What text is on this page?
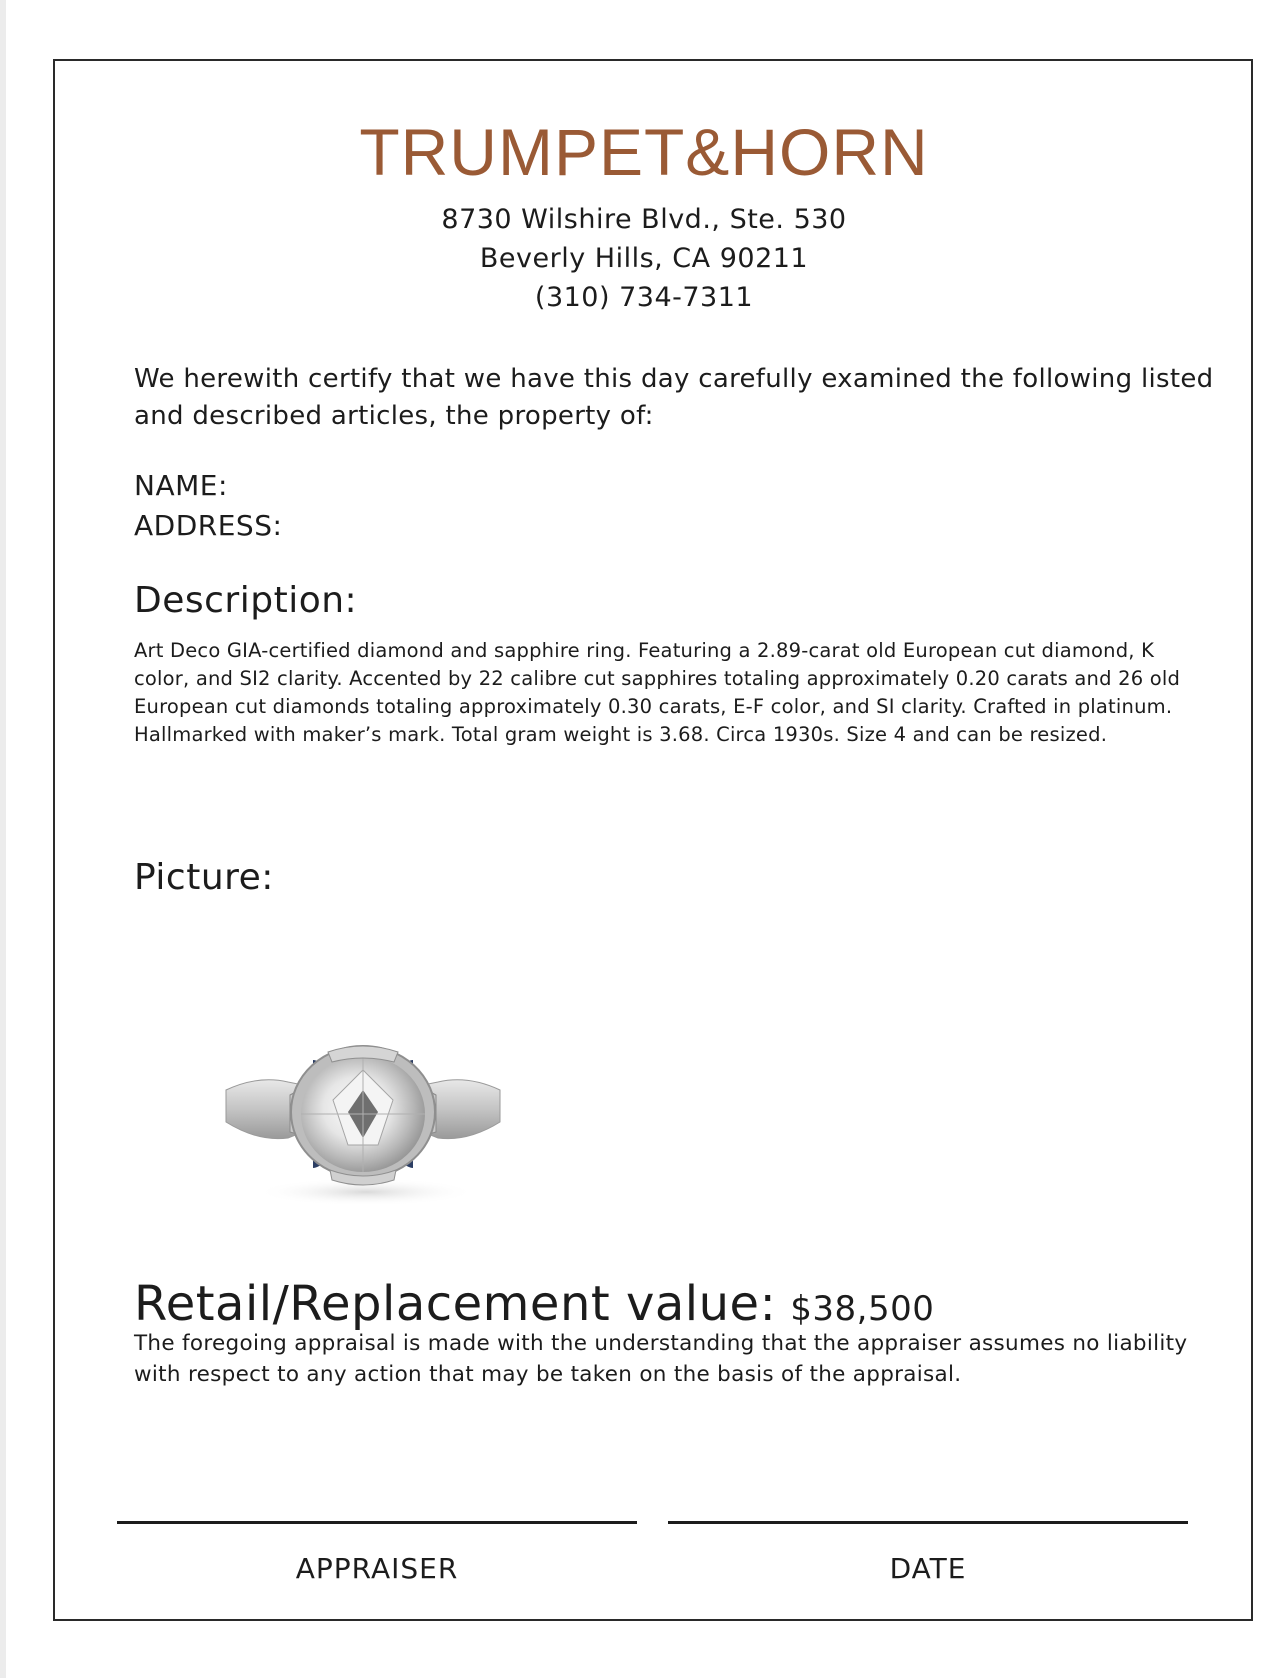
TRUMPET&HORN
8730 Wilshire Blvd., Ste. 530
Beverly Hills, CA 90211
(310) 734-7311
We herewith certify that we have this day carefully examined the following listed and described articles, the property of:
NAME:
ADDRESS:
Description:
Art Deco GIA-certified diamond and sapphire ring. Featuring a 2.89-carat old European cut diamond, K color, and SI2 clarity. Accented by 22 calibre cut sapphires totaling approximately 0.20 carats and 26 old European cut diamonds totaling approximately 0.30 carats, E-F color, and SI clarity. Crafted in platinum. Hallmarked with maker’s mark. Total gram weight is 3.68. Circa 1930s. Size 4 and can be resized.
Picture:
Retail/Replacement value: $38,500
The foregoing appraisal is made with the understanding that the appraiser assumes no liability with respect to any action that may be taken on the basis of the appraisal.
APPRAISER	DATE
